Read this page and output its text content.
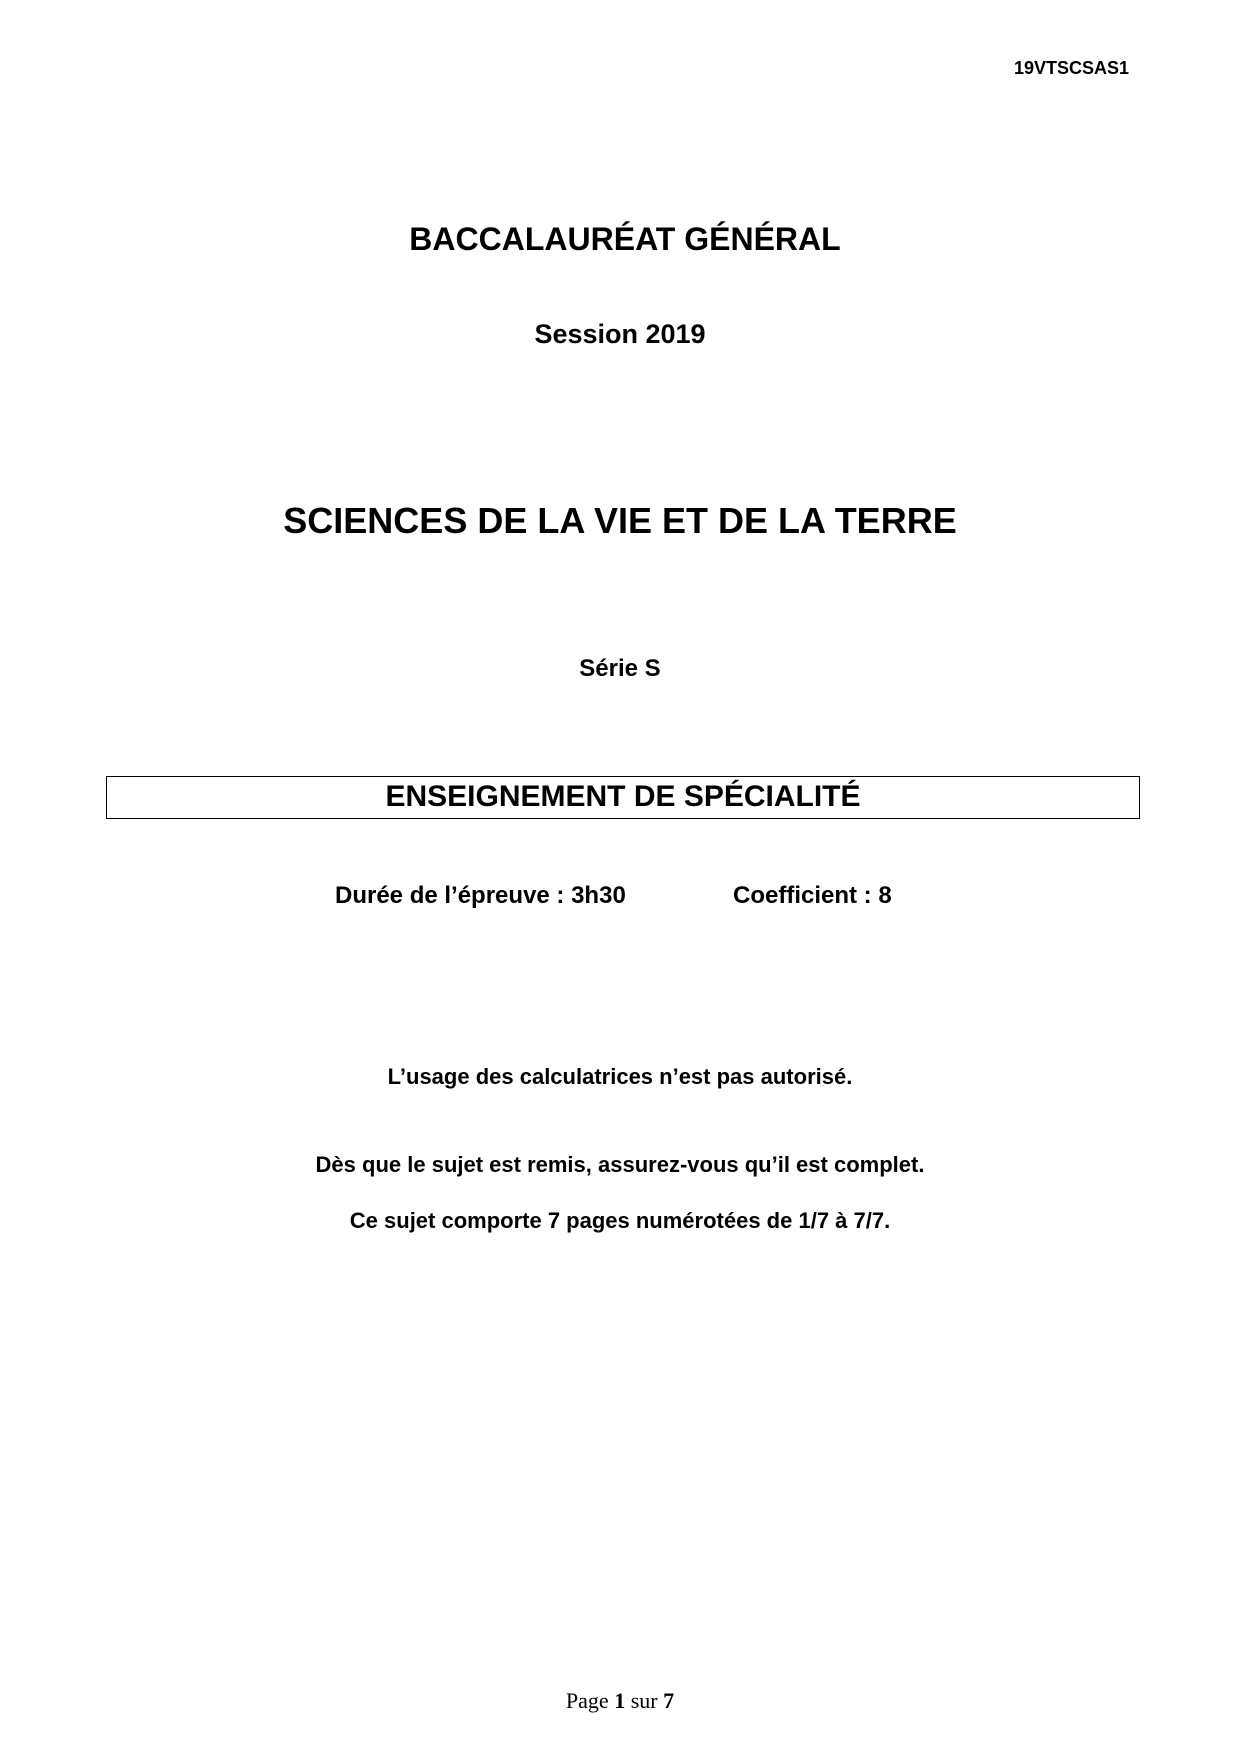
19VTSCSAS1
BACCALAURÉAT GÉNÉRAL
Session 2019
SCIENCES DE LA VIE ET DE LA TERRE
Série S
ENSEIGNEMENT DE SPÉCIALITÉ
Durée de l’épreuve : 3h30	Coefficient : 8
L’usage des calculatrices n’est pas autorisé.
Dès que le sujet est remis, assurez-vous qu’il est complet.
Ce sujet comporte 7 pages numérotées de 1/7 à 7/7.
Page 1 sur 7
